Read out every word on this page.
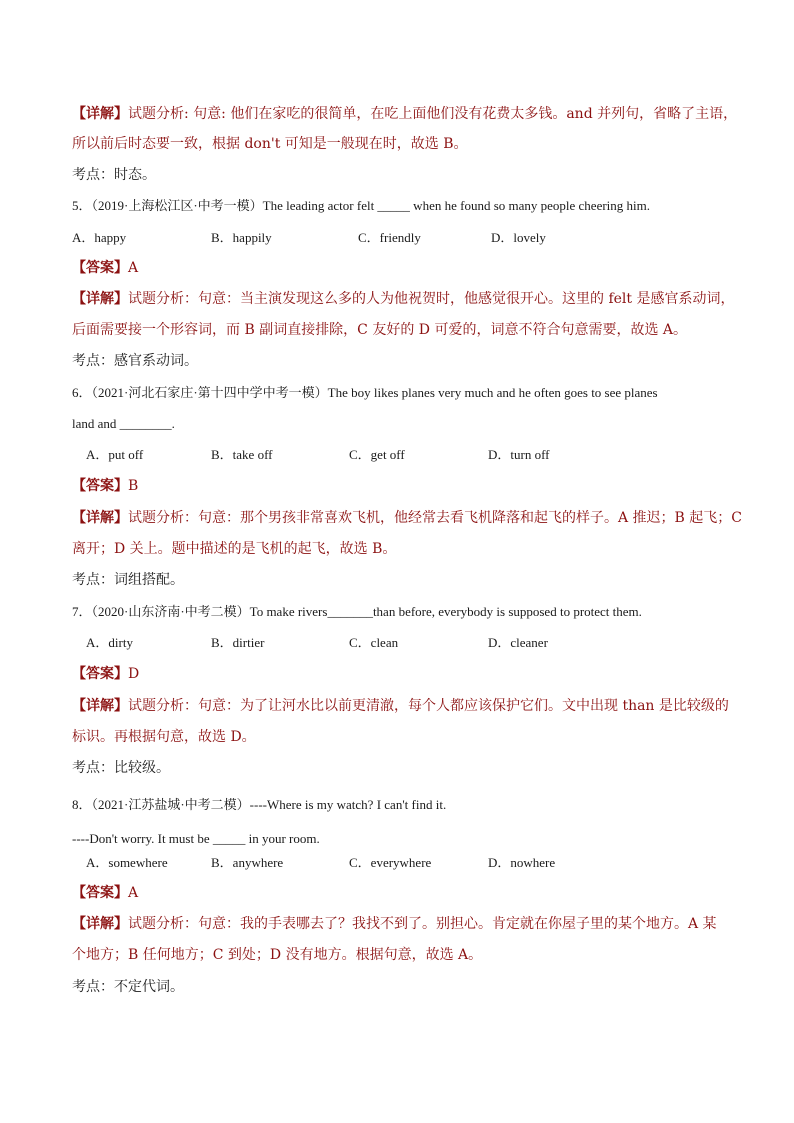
【详解】试题分析: 句意: 他们在家吃的很简单，在吃上面他们没有花费太多钱。and 并列句，省略了主语，
所以前后时态要一致，根据 don't 可知是一般现在时，故选 B。
考点：时态。
5．（2019·上海松江区·中考一模）The leading actor felt _____ when he found so many people cheering him.
A．happy	B．happily	C．friendly	D．lovely
【答案】A
【详解】试题分析：句意：当主演发现这么多的人为他祝贺时，他感觉很开心。这里的 felt 是感官系动词，
后面需要接一个形容词，而 B 副词直接排除，C 友好的 D 可爱的，词意不符合句意需要，故选 A。
考点：感官系动词。
6．（2021·河北石家庄·第十四中学中考一模）The boy likes planes very much and he often goes to see planes
land and ________.
A．put off	B．take off	C．get off	D．turn off
【答案】B
【详解】试题分析：句意：那个男孩非常喜欢飞机，他经常去看飞机降落和起飞的样子。A 推迟；B 起飞；C
离开；D 关上。题中描述的是飞机的起飞，故选 B。
考点：词组搭配。
7．（2020·山东济南·中考二模）To make rivers_______than before, everybody is supposed to protect them.
A．dirty	B．dirtier	C．clean	D．cleaner
【答案】D
【详解】试题分析：句意：为了让河水比以前更清澈，每个人都应该保护它们。文中出现 than 是比较级的
标识。再根据句意，故选 D。
考点：比较级。
8．（2021·江苏盐城·中考二模）----Where is my watch? I can't find it.
----Don't worry. It must be _____ in your room.
A．somewhere	B．anywhere	C．everywhere	D．nowhere
【答案】A
【详解】试题分析：句意：我的手表哪去了？我找不到了。别担心。肯定就在你屋子里的某个地方。A 某
个地方；B 任何地方；C 到处；D 没有地方。根据句意，故选 A。
考点：不定代词。
